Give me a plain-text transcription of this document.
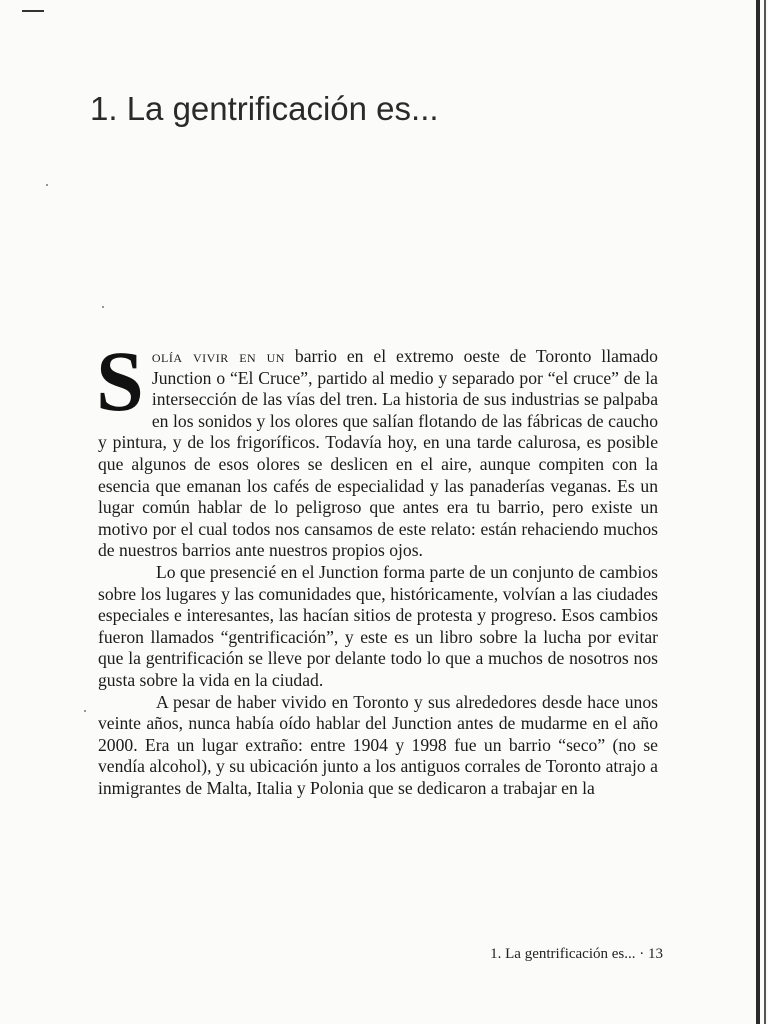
1. La gentrificación es...

Solía vivir en un barrio en el extremo oeste de Toronto llamado Junction o “El Cruce”, partido al medio y separado por “el cruce” de la intersección de las vías del tren. La historia de sus industrias se palpaba en los sonidos y los olores que salían flotando de las fábricas de caucho y pintura, y de los frigoríficos. Todavía hoy, en una tarde calurosa, es posible que algunos de esos olores se deslicen en el aire, aunque compiten con la esencia que emanan los cafés de especialidad y las panaderías veganas. Es un lugar común hablar de lo peligroso que antes era tu barrio, pero existe un motivo por el cual todos nos cansamos de este relato: están rehaciendo muchos de nuestros barrios ante nuestros propios ojos.

Lo que presencié en el Junction forma parte de un conjunto de cambios sobre los lugares y las comunidades que, históricamente, volvían a las ciudades especiales e interesantes, las hacían sitios de protesta y progreso. Esos cambios fueron llamados “gentrificación”, y este es un libro sobre la lucha por evitar que la gentrificación se lleve por delante todo lo que a muchos de nosotros nos gusta sobre la vida en la ciudad.

A pesar de haber vivido en Toronto y sus alrededores desde hace unos veinte años, nunca había oído hablar del Junction antes de mudarme en el año 2000. Era un lugar extraño: entre 1904 y 1998 fue un barrio “seco” (no se vendía alcohol), y su ubicación junto a los antiguos corrales de Toronto atrajo a inmigrantes de Malta, Italia y Polonia que se dedicaron a trabajar en la

1. La gentrificación es... · 13
